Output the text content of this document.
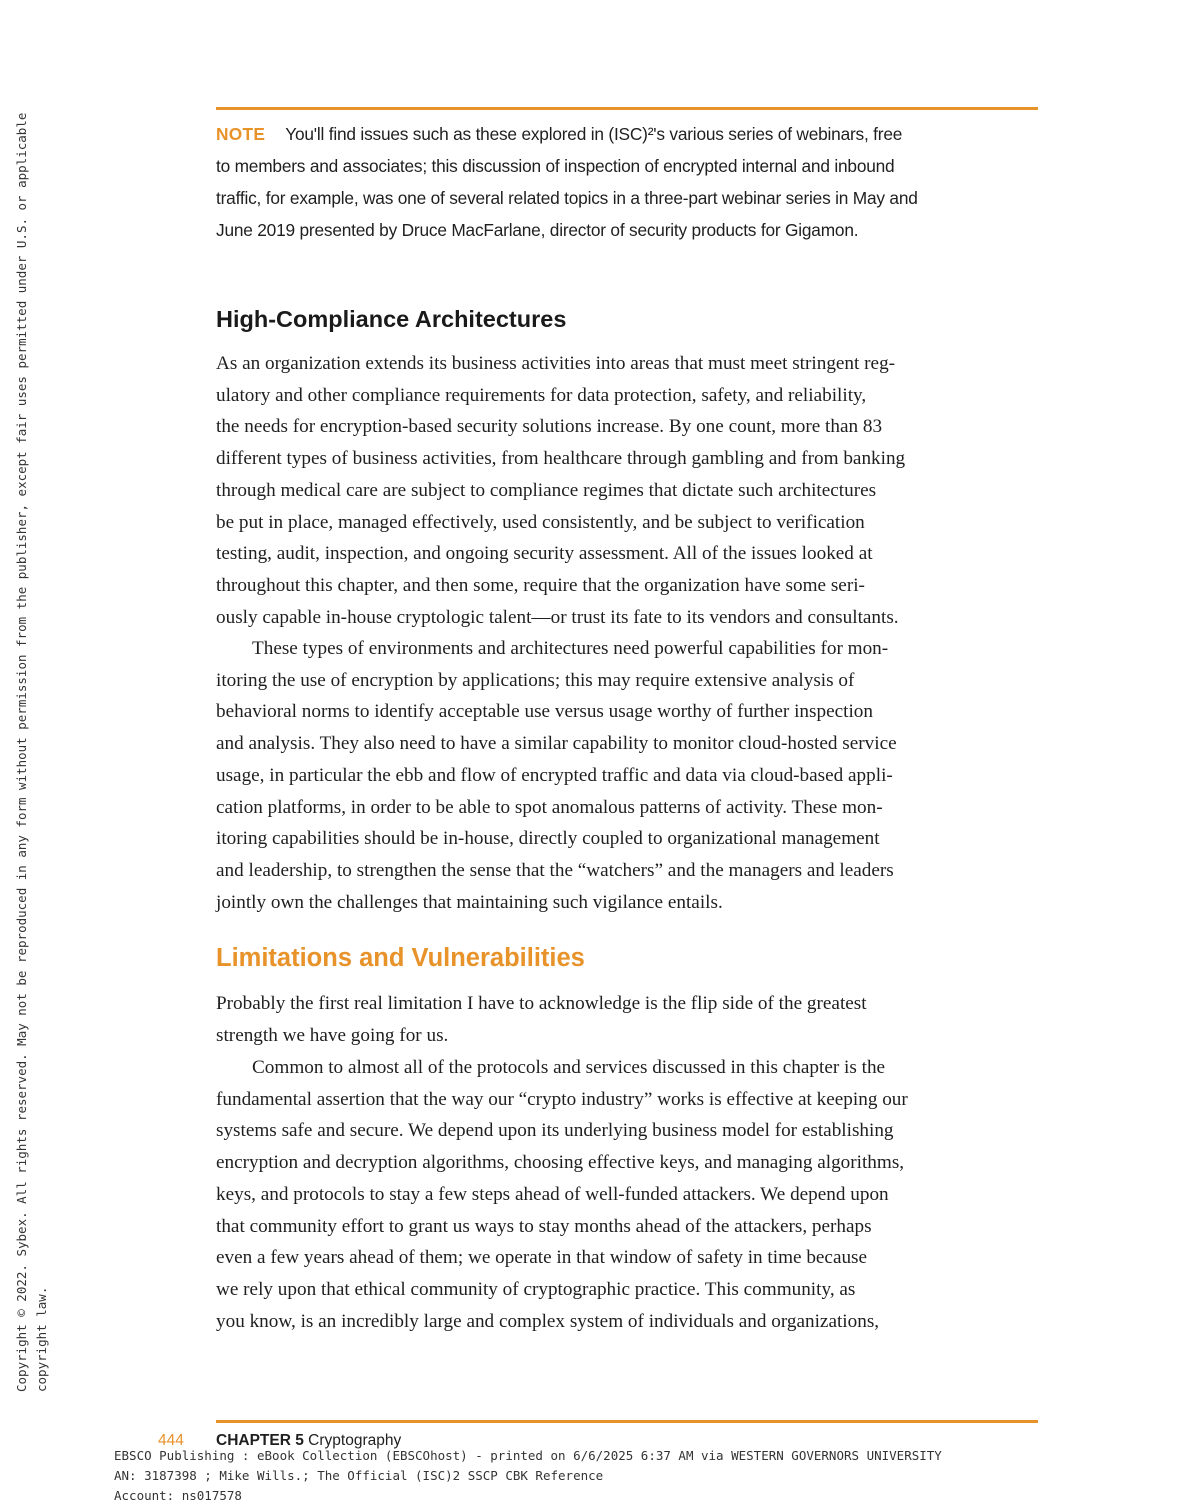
NOTE You'll find issues such as these explored in (ISC)²'s various series of webinars, free
to members and associates; this discussion of inspection of encrypted internal and inbound
traffic, for example, was one of several related topics in a three-part webinar series in May and
June 2019 presented by Druce MacFarlane, director of security products for Gigamon.
High-Compliance Architectures
As an organization extends its business activities into areas that must meet stringent reg-
ulatory and other compliance requirements for data protection, safety, and reliability,
the needs for encryption-based security solutions increase. By one count, more than 83
different types of business activities, from healthcare through gambling and from banking
through medical care are subject to compliance regimes that dictate such architectures
be put in place, managed effectively, used consistently, and be subject to verification
testing, audit, inspection, and ongoing security assessment. All of the issues looked at
throughout this chapter, and then some, require that the organization have some seri-
ously capable in-house cryptologic talent—or trust its fate to its vendors and consultants.
These types of environments and architectures need powerful capabilities for mon-
itoring the use of encryption by applications; this may require extensive analysis of
behavioral norms to identify acceptable use versus usage worthy of further inspection
and analysis. They also need to have a similar capability to monitor cloud-hosted service
usage, in particular the ebb and flow of encrypted traffic and data via cloud-based appli-
cation platforms, in order to be able to spot anomalous patterns of activity. These mon-
itoring capabilities should be in-house, directly coupled to organizational management
and leadership, to strengthen the sense that the “watchers” and the managers and leaders
jointly own the challenges that maintaining such vigilance entails.
Limitations and Vulnerabilities
Probably the first real limitation I have to acknowledge is the flip side of the greatest
strength we have going for us.
Common to almost all of the protocols and services discussed in this chapter is the
fundamental assertion that the way our “crypto industry” works is effective at keeping our
systems safe and secure. We depend upon its underlying business model for establishing
encryption and decryption algorithms, choosing effective keys, and managing algorithms,
keys, and protocols to stay a few steps ahead of well-funded attackers. We depend upon
that community effort to grant us ways to stay months ahead of the attackers, perhaps
even a few years ahead of them; we operate in that window of safety in time because
we rely upon that ethical community of cryptographic practice. This community, as
you know, is an incredibly large and complex system of individuals and organizations,
Copyright © 2022. Sybex. All rights reserved. May not be reproduced in any form without permission from the publisher, except fair uses permitted under U.S. or applicable copyright law.
444 CHAPTER 5 Cryptography
EBSCO Publishing : eBook Collection (EBSCOhost) - printed on 6/6/2025 6:37 AM via WESTERN GOVERNORS UNIVERSITY
AN: 3187398 ; Mike Wills.; The Official (ISC)2 SSCP CBK Reference
Account: ns017578
